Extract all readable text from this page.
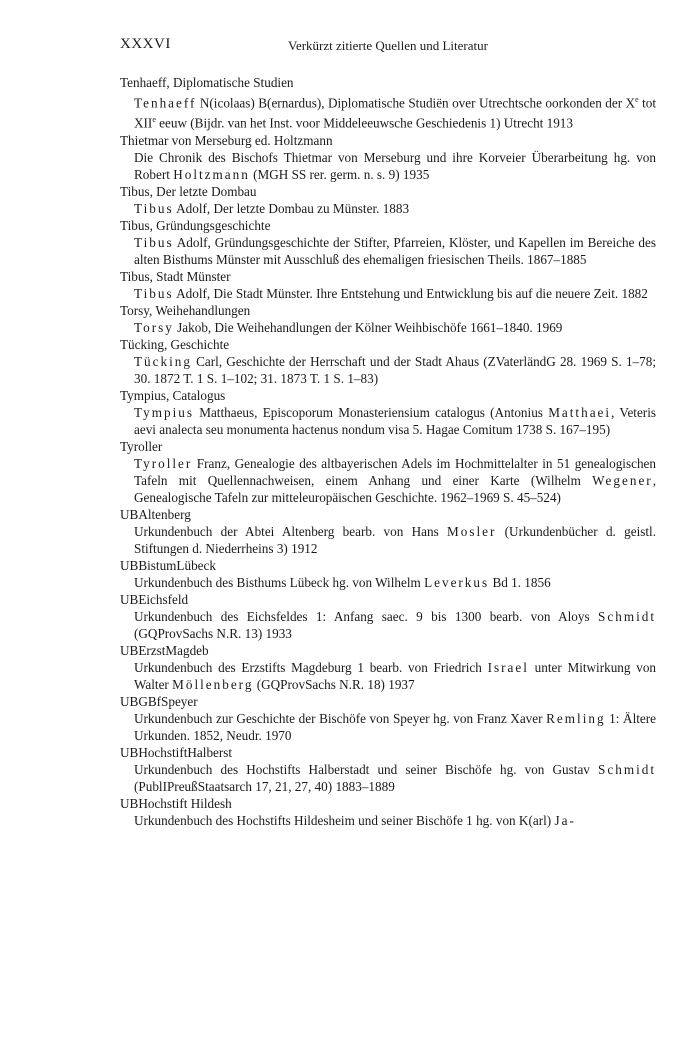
XXXVI	Verkürzt zitierte Quellen und Literatur

Tenhaeff, Diplomatische Studien

Tenhaeff N(icolaas) B(ernardus), Diplomatische Studiën over Utrechtsche oorkonden der Xe tot XIIe eeuw (Bijdr. van het Inst. voor Middeleeuwsche Geschiedenis 1) Utrecht 1913

Thietmar von Merseburg ed. Holtzmann

Die Chronik des Bischofs Thietmar von Merseburg und ihre Korveier Überarbeitung hg. von Robert Holtzmann (MGH SS rer. germ. n. s. 9) 1935

Tibus, Der letzte Dombau

Tibus Adolf, Der letzte Dombau zu Münster. 1883

Tibus, Gründungsgeschichte

Tibus Adolf, Gründungsgeschichte der Stifter, Pfarreien, Klöster, und Kapellen im Bereiche des alten Bisthums Münster mit Ausschluß des ehemaligen friesischen Theils. 1867–1885

Tibus, Stadt Münster

Tibus Adolf, Die Stadt Münster. Ihre Entstehung und Entwicklung bis auf die neuere Zeit. 1882

Torsy, Weihehandlungen

Torsy Jakob, Die Weihehandlungen der Kölner Weihbischöfe 1661–1840. 1969

Tücking, Geschichte

Tücking Carl, Geschichte der Herrschaft und der Stadt Ahaus (ZVaterländG 28. 1969 S. 1–78; 30. 1872 T. 1 S. 1–102; 31. 1873 T. 1 S. 1–83)

Tympius, Catalogus

Tympius Matthaeus, Episcoporum Monasteriensium catalogus (Antonius Matthaei, Veteris aevi analecta seu monumenta hactenus nondum visa 5. Hagae Comitum 1738 S. 167–195)

Tyroller

Tyroller Franz, Genealogie des altbayerischen Adels im Hochmittelalter in 51 genealogischen Tafeln mit Quellennachweisen, einem Anhang und einer Karte (Wilhelm Wegener, Genealogische Tafeln zur mitteleuropäischen Geschichte. 1962–1969 S. 45–524)

UBAltenberg

Urkundenbuch der Abtei Altenberg bearb. von Hans Mosler (Urkundenbücher d. geistl. Stiftungen d. Niederrheins 3) 1912

UBBistumLübeck

Urkundenbuch des Bisthums Lübeck hg. von Wilhelm Leverkus Bd 1. 1856

UBEichsfeld

Urkundenbuch des Eichsfeldes 1: Anfang saec. 9 bis 1300 bearb. von Aloys Schmidt (GQProvSachs N.R. 13) 1933

UBErzstMagdeb

Urkundenbuch des Erzstifts Magdeburg 1 bearb. von Friedrich Israel unter Mitwirkung von Walter Möllenberg (GQProvSachs N.R. 18) 1937

UBGBfSpeyer

Urkundenbuch zur Geschichte der Bischöfe von Speyer hg. von Franz Xaver Remling 1: Ältere Urkunden. 1852, Neudr. 1970

UBHochstiftHalberst

Urkundenbuch des Hochstifts Halberstadt und seiner Bischöfe hg. von Gustav Schmidt (PublIPreußStaatsarch 17, 21, 27, 40) 1883–1889

UBHochstift Hildesh

Urkundenbuch des Hochstifts Hildesheim und seiner Bischöfe 1 hg. von K(arl) Ja-
